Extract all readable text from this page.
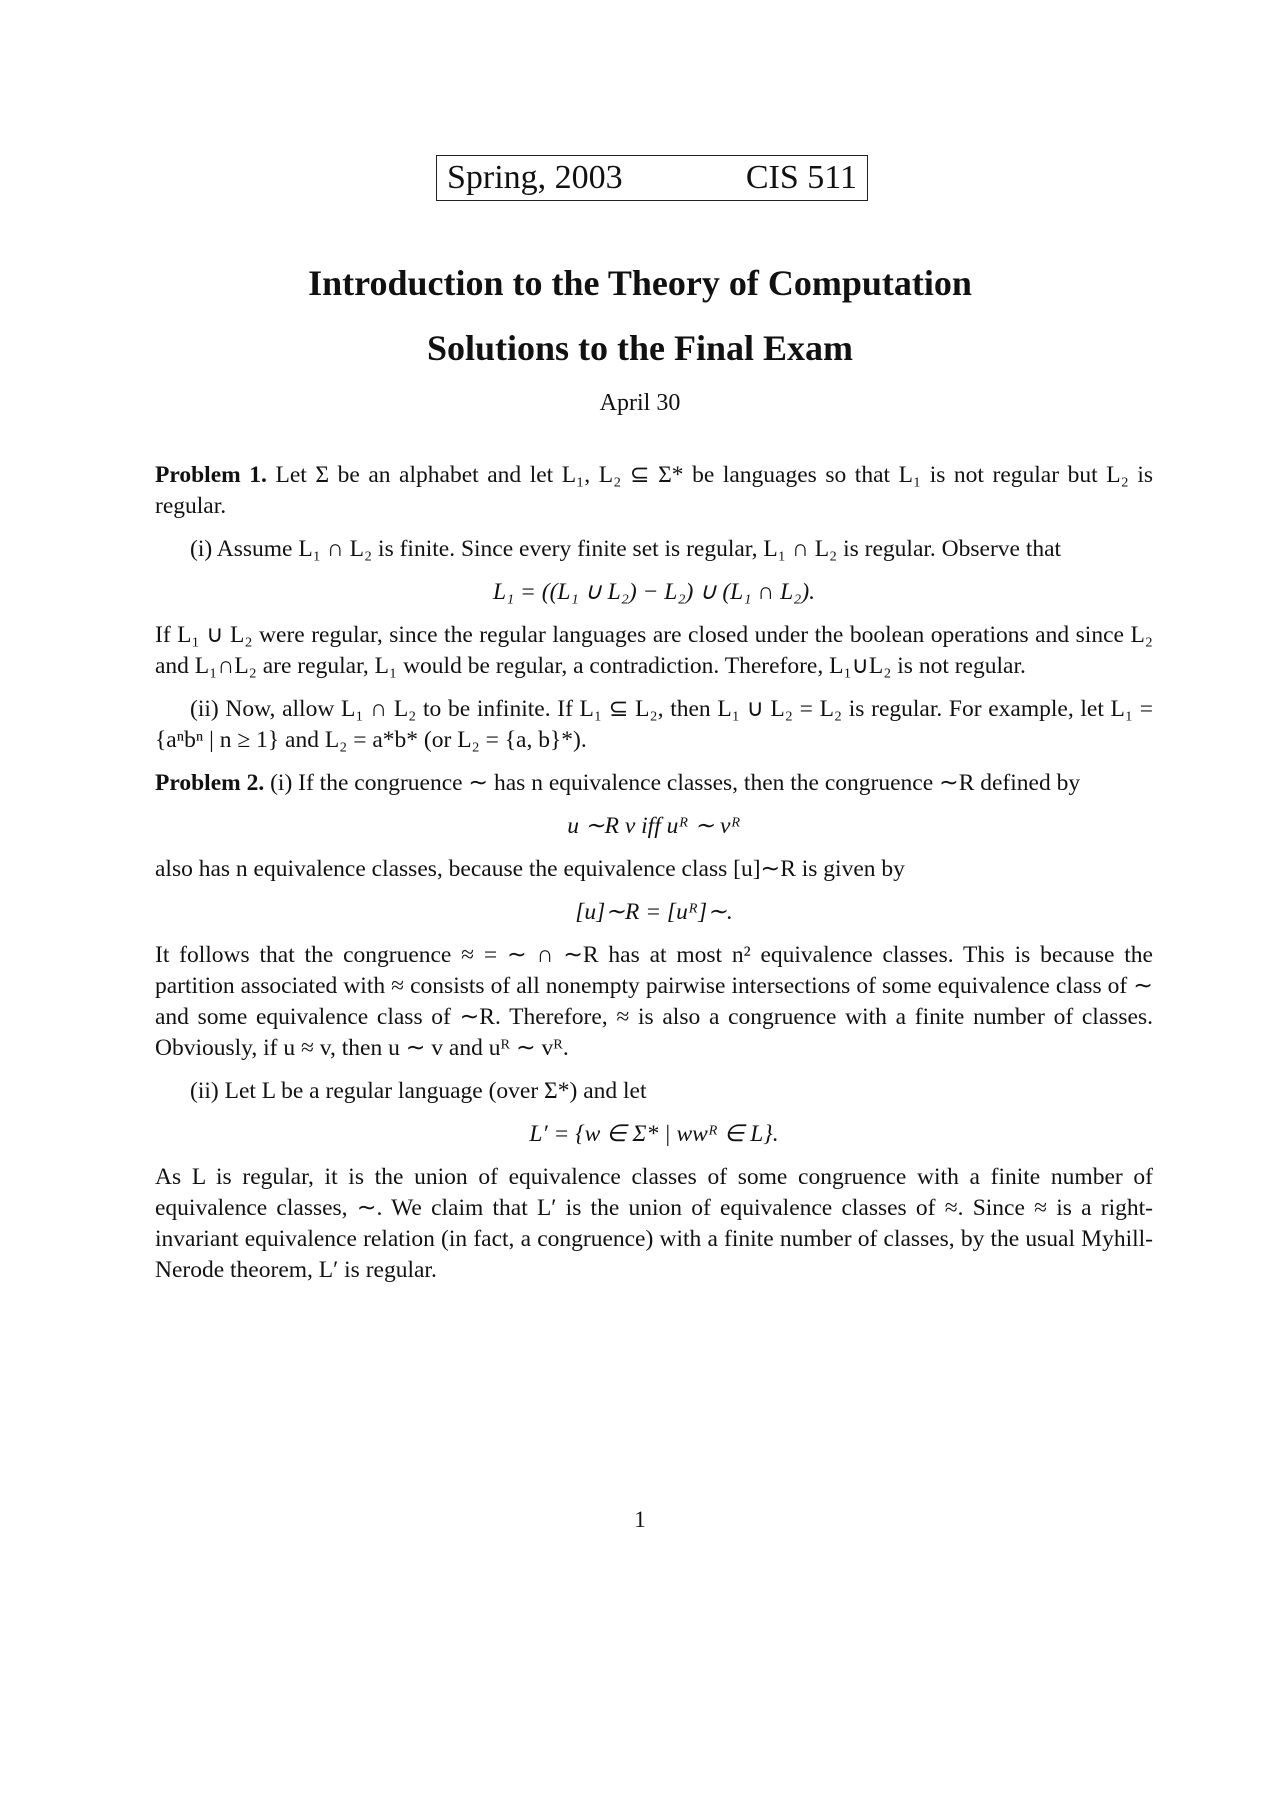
Spring, 2003	CIS 511
Introduction to the Theory of Computation
Solutions to the Final Exam
April 30

Problem 1. Let Σ be an alphabet and let L₁, L₂ ⊆ Σ* be languages so that L₁ is not regular but L₂ is regular.

(i) Assume L₁ ∩ L₂ is finite. Since every finite set is regular, L₁ ∩ L₂ is regular. Observe that

L₁ = ((L₁ ∪ L₂) − L₂) ∪ (L₁ ∩ L₂).

If L₁ ∪ L₂ were regular, since the regular languages are closed under the boolean operations and since L₂ and L₁∩L₂ are regular, L₁ would be regular, a contradiction. Therefore, L₁∪L₂ is not regular.

(ii) Now, allow L₁ ∩ L₂ to be infinite. If L₁ ⊆ L₂, then L₁ ∪ L₂ = L₂ is regular. For example, let L₁ = {aⁿbⁿ | n ≥ 1} and L₂ = a*b* (or L₂ = {a, b}*).

Problem 2. (i) If the congruence ∼ has n equivalence classes, then the congruence ∼R defined by

u ∼R v iff uᴿ ∼ vᴿ

also has n equivalence classes, because the equivalence class [u]∼R is given by

[u]∼R = [uᴿ]∼.

It follows that the congruence ≈ = ∼ ∩ ∼R has at most n² equivalence classes. This is because the partition associated with ≈ consists of all nonempty pairwise intersections of some equivalence class of ∼ and some equivalence class of ∼R. Therefore, ≈ is also a congruence with a finite number of classes. Obviously, if u ≈ v, then u ∼ v and uᴿ ∼ vᴿ.

(ii) Let L be a regular language (over Σ*) and let

L′ = {w ∈ Σ* | wwᴿ ∈ L}.

As L is regular, it is the union of equivalence classes of some congruence with a finite number of equivalence classes, ∼. We claim that L′ is the union of equivalence classes of ≈. Since ≈ is a right-invariant equivalence relation (in fact, a congruence) with a finite number of classes, by the usual Myhill-Nerode theorem, L′ is regular.

1
